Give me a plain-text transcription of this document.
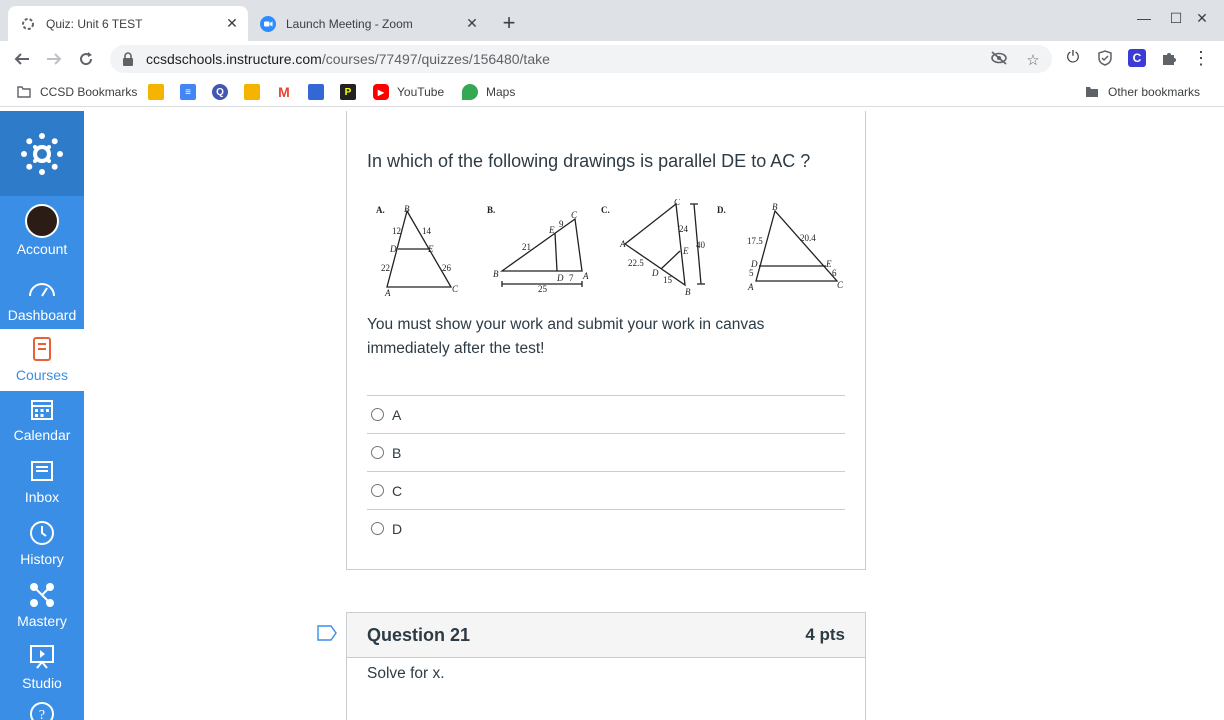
Quiz: Unit 6 TEST	✕	Launch Meeting - Zoom	✕ +	— ☐ ✕
ccsdschools.instructure.com/courses/77497/quizzes/156480/take	☆ ⏻	C	⋮
CCSD Bookmarks	≡	Q	M	P	▶	YouTube	Maps	Other bookmarks
Account
Dashboard
Courses
Calendar
Inbox
History
Mastery
Studio
?
In which of the following drawings is parallel DE to AC ?
A. B
D	E
A	C
12 14
22	26
B.	C
E
B	D A
9
21
7
25
C.
C
A
E
D
B
24
40
22.5
15
D.	B
D	E
A	C
17.5	20.4
5	6
You must show your work and submit your work in canvas immediately after the test!
A
B
C
D
Question 21	4 pts
Solve for x.
